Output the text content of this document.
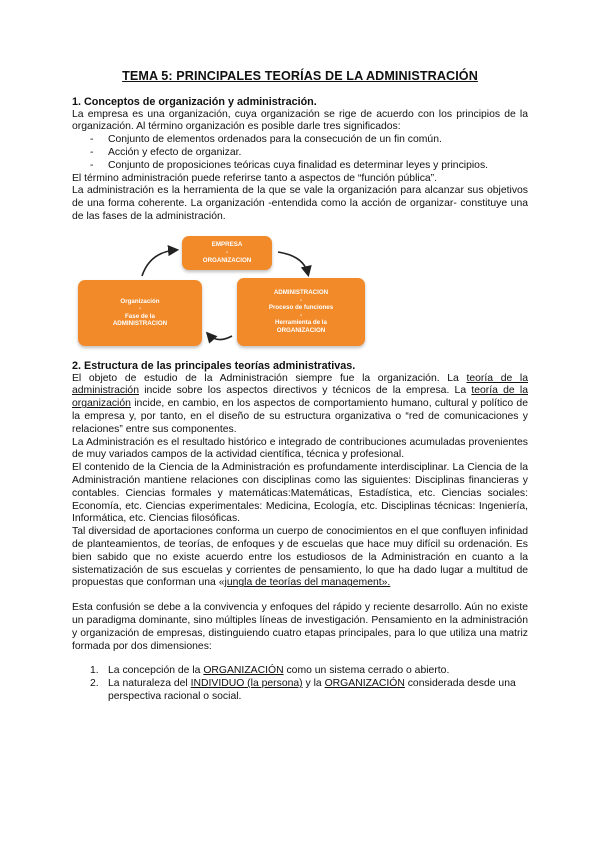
TEMA 5: PRINCIPALES TEORÍAS DE LA ADMINISTRACIÓN

1. Conceptos de organización y administración.

La empresa es una organización, cuya organización se rige de acuerdo con los principios de la organización. Al término organización es posible darle tres significados:

- Conjunto de elementos ordenados para la consecución de un fin común.
- Acción y efecto de organizar.
- Conjunto de proposiciones teóricas cuya finalidad es determinar leyes y principios.

El término administración puede referirse tanto a aspectos de “función pública”.

La administración es la herramienta de la que se vale la organización para alcanzar sus objetivos de una forma coherente. La organización -entendida como la acción de organizar- constituye una de las fases de la administración.

EMPRESA
-
ORGANIZACION
Organización
-
Fase de la
ADMINISTRACION
ADMINISTRACION
-
Proceso de funciones
-
Herramienta de la
ORGANIZACION

2. Estructura de las principales teorías administrativas.

El objeto de estudio de la Administración siempre fue la organización. La teoría de la administración incide sobre los aspectos directivos y técnicos de la empresa. La teoría de la organización incide, en cambio, en los aspectos de comportamiento humano, cultural y político de la empresa y, por tanto, en el diseño de su estructura organizativa o “red de comunicaciones y relaciones” entre sus componentes.

La Administración es el resultado histórico e integrado de contribuciones acumuladas provenientes de muy variados campos de la actividad científica, técnica y profesional.

El contenido de la Ciencia de la Administración es profundamente interdisciplinar. La Ciencia de la Administración mantiene relaciones con disciplinas como las siguientes: Disciplinas financieras y contables. Ciencias formales y matemáticas:Matemáticas, Estadística, etc. Ciencias sociales: Economía, etc. Ciencias experimentales: Medicina, Ecología, etc. Disciplinas técnicas: Ingeniería, Informática, etc. Ciencias filosóficas.

Tal diversidad de aportaciones conforma un cuerpo de conocimientos en el que confluyen infinidad de planteamientos, de teorías, de enfoques y de escuelas que hace muy difícil su ordenación. Es bien sabido que no existe acuerdo entre los estudiosos de la Administración en cuanto a la sistematización de sus escuelas y corrientes de pensamiento, lo que ha dado lugar a multitud de propuestas que conforman una «jungla de teorías del management».

Esta confusión se debe a la convivencia y enfoques del rápido y reciente desarrollo. Aún no existe un paradigma dominante, sino múltiples líneas de investigación. Pensamiento en la administración y organización de empresas, distinguiendo cuatro etapas principales, para lo que utiliza una matriz formada por dos dimensiones:

1. La concepción de la ORGANIZACIÓN como un sistema cerrado o abierto.
2. La naturaleza del INDIVIDUO (la persona) y la ORGANIZACIÓN considerada desde una perspectiva racional o social.
